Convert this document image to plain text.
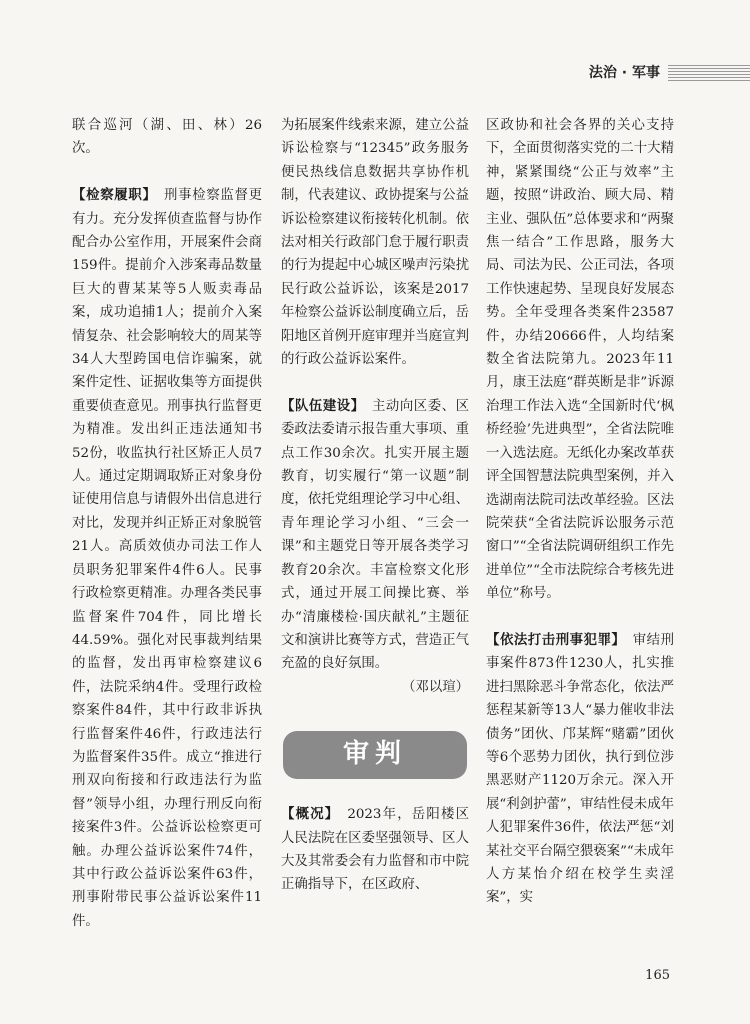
法治 · 军事

联合巡河（湖、田、林）26次。

【检察履职】　 刑事检察监督更有力。充分发挥侦查监督与协作配合办公室作用，开展案件会商159件。提前介入涉案毒品数量巨大的曹某某等5人贩卖毒品案，成功追捕1人；提前介入案情复杂、社会影响较大的周某等34人大型跨国电信诈骗案，就案件定性、证据收集等方面提供重要侦查意见。刑事执行监督更为精准。发出纠正违法通知书52份，收监执行社区矫正人员7人。通过定期调取矫正对象身份证使用信息与请假外出信息进行对比，发现并纠正矫正对象脱管21人。高质效侦办司法工作人员职务犯罪案件4件6人。民事行政检察更精准。办理各类民事监督案件704件，同比增长44.59%。强化对民事裁判结果的监督，发出再审检察建议6件，法院采纳4件。受理行政检察案件84件，其中行政非诉执行监督案件46件，行政违法行为监督案件35件。成立“推进行刑双向衔接和行政违法行为监督”领导小组，办理行刑反向衔接案件3件。公益诉讼检察更可触。办理公益诉讼案件74件，其中行政公益诉讼案件63件，刑事附带民事公益诉讼案件11件。

为拓展案件线索来源，建立公益诉讼检察与“12345”政务服务便民热线信息数据共享协作机制，代表建议、政协提案与公益诉讼检察建议衔接转化机制。依法对相关行政部门怠于履行职责的行为提起中心城区噪声污染扰民行政公益诉讼，该案是2017年检察公益诉讼制度确立后，岳阳地区首例开庭审理并当庭宣判的行政公益诉讼案件。

【队伍建设】　 主动向区委、区委政法委请示报告重大事项、重点工作30余次。扎实开展主题教育，切实履行“第一议题”制度，依托党组理论学习中心组、青年理论学习小组、“三会一课”和主题党日等开展各类学习教育20余次。丰富检察文化形式，通过开展工间操比赛、举办“清廉楼检·国庆献礼”主题征文和演讲比赛等方式，营造正气充盈的良好氛围。

（邓以瑄）

审判

【概况】　 2023年，岳阳楼区人民法院在区委坚强领导、区人大及其常委会有力监督和市中院正确指导下，在区政府、

区政协和社会各界的关心支持下，全面贯彻落实党的二十大精神，紧紧围绕“公正与效率”主题，按照“讲政治、顾大局、精主业、强队伍”总体要求和“两聚焦一结合”工作思路，服务大局、司法为民、公正司法，各项工作快速起势、呈现良好发展态势。全年受理各类案件23587件，办结20666件，人均结案数全省法院第九。2023年11月，康王法庭“群英断是非”诉源治理工作法入选“全国新时代‘枫桥经验’先进典型”，全省法院唯一入选法庭。无纸化办案改革获评全国智慧法院典型案例，并入选湖南法院司法改革经验。区法院荣获“全省法院诉讼服务示范窗口”“全省法院调研组织工作先进单位”“全市法院综合考核先进单位”称号。

【依法打击刑事犯罪】　 审结刑事案件873件1230人，扎实推进扫黑除恶斗争常态化，依法严惩程某新等13人“暴力催收非法债务”团伙、邝某辉“赌霸”团伙等6个恶势力团伙，执行到位涉黑恶财产1120万余元。深入开展“利剑护蕾”，审结性侵未成年人犯罪案件36件，依法严惩“刘某社交平台隔空猥亵案”“未成年人方某怡介绍在校学生卖淫案”，实

165
